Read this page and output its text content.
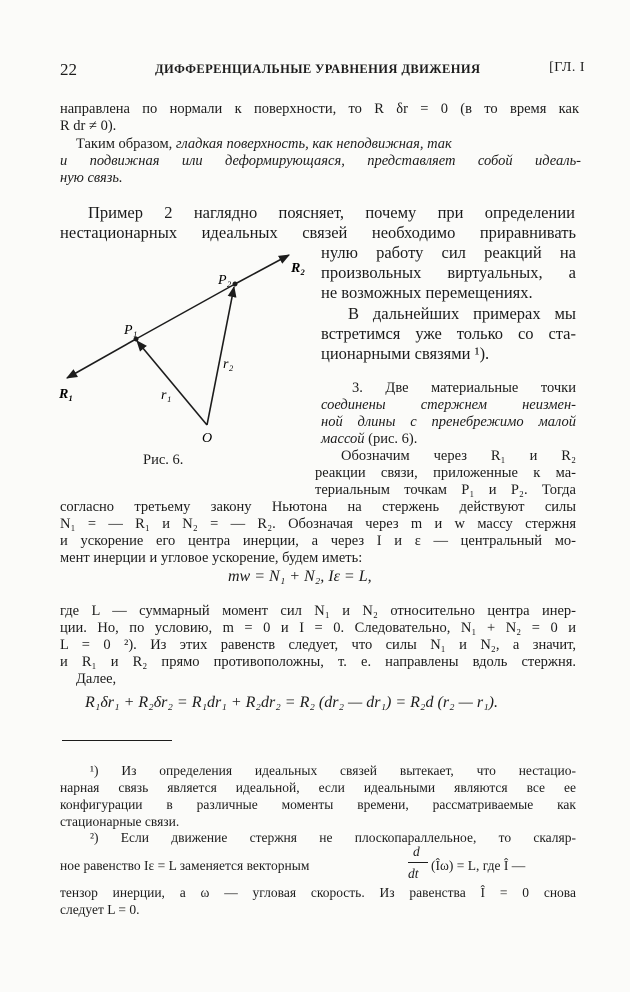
22	ДИФФЕРЕНЦИАЛЬНЫЕ УРАВНЕНИЯ ДВИЖЕНИЯ	[ГЛ. I
направлена по нормали к поверхности, то R δr = 0 (в то время как
R dr ≠ 0).
Таким образом, гладкая поверхность, как неподвижная, так
и подвижная или деформирующаяся, представляет собой идеаль-
ную связь.
Пример 2 наглядно поясняет, почему при определении
нестационарных идеальных связей необходимо приравнивать
нулю работу сил реакций на
произвольных виртуальных, а
не возможных перемещениях.
В дальнейших примерах мы
встретимся уже только со ста-
ционарными связями ¹).
3. Две материальные точки
соединены стержнем неизмен-
ной длины с пренебрежимо малой
массой (рис. 6).
P₁
P₂
R₂
R₁	r₁
r₂
O
Рис. 6.	Обозначим через R₁ и R₂
реакции связи, приложенные к ма-
териальным точкам P₁ и P₂. Тогда
согласно третьему закону Ньютона на стержень действуют силы
N₁ = — R₁ и N₂ = — R₂. Обозначая через m и w массу стержня
и ускорение его центра инерции, а через I и ε — центральный мо-
мент инерции и угловое ускорение, будем иметь:
mw = N₁ + N₂, Iε = L,
где L — суммарный момент сил N₁ и N₂ относительно центра инер-
ции. Но, по условию, m = 0 и I = 0. Следовательно, N₁ + N₂ = 0 и
L = 0 ²). Из этих равенств следует, что силы N₁ и N₂, а значит,
и R₁ и R₂ прямо противоположны, т. е. направлены вдоль стержня.
Далее,
R₁δr₁ + R₂δr₂ = R₁dr₁ + R₂dr₂ = R₂ (dr₂ — dr₁) = R₂d (r₂ — r₁).
¹) Из определения идеальных связей вытекает, что нестацио-
нарная связь является идеальной, если идеальными являются все ее
конфигурации в различные моменты времени, рассматриваемые как
стационарные связи.
²) Если движение стержня не плоскопараллельное, то скаляр-
ное равенство Iε = L заменяется векторным
d
dt
(Îω) = L, где Î —
тензор инерции, а ω — угловая скорость. Из равенства Î = 0 снова
следует L = 0.
